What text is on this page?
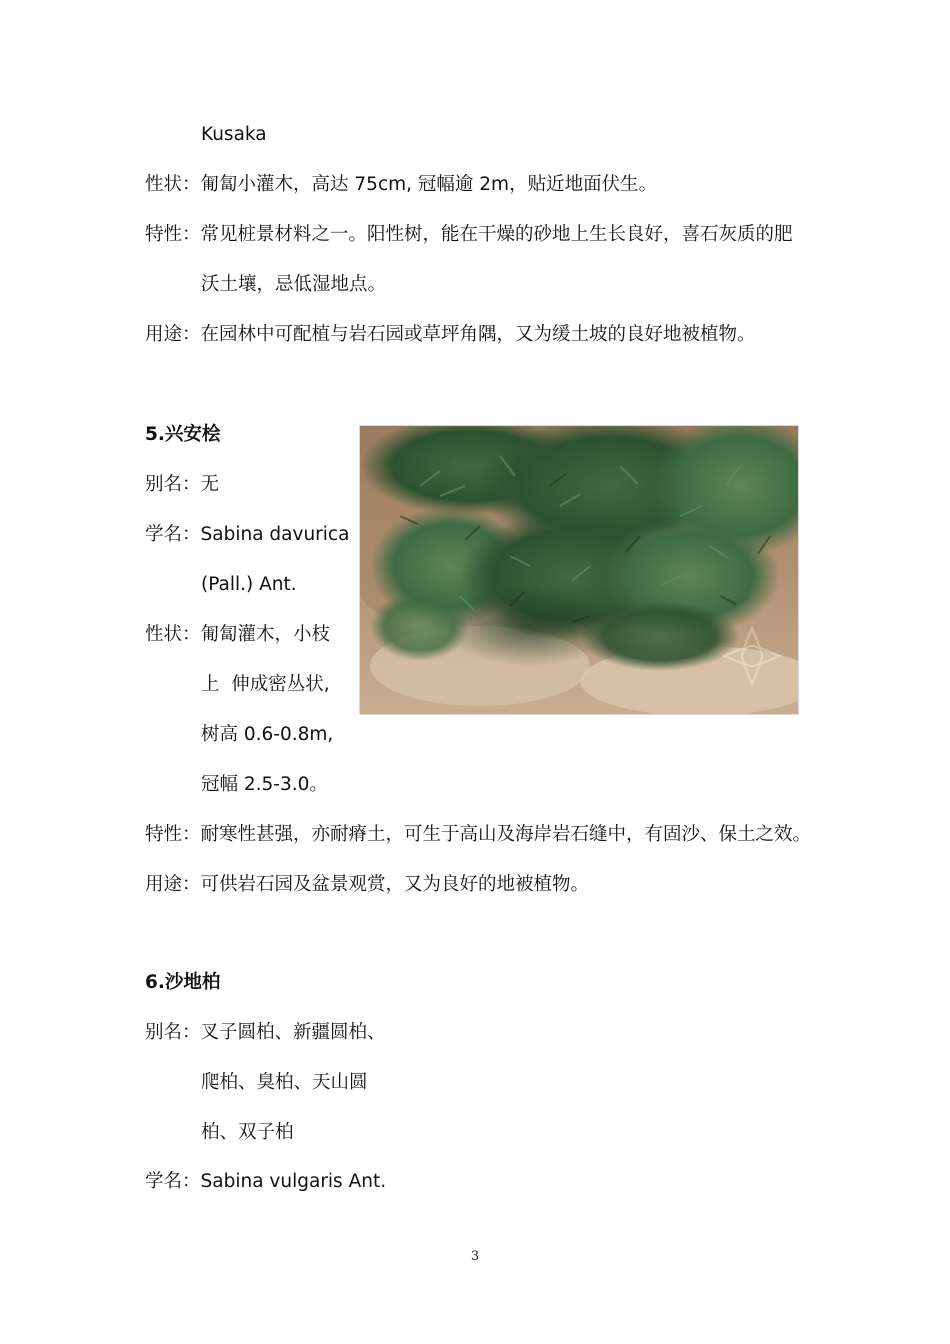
Kusaka
性状：匍匐小灌木，高达 75cm, 冠幅逾 2m，贴近地面伏生。
特性：常见桩景材料之一。阳性树，能在干燥的砂地上生长良好，喜石灰质的肥
沃土壤，忌低湿地点。
用途：在园林中可配植与岩石园或草坪角隅，又为缓土坡的良好地被植物。
5.兴安桧
别名：无
学名：Sabina davurica
(Pall.) Ant.
性状：匍匐灌木，小枝
上  伸成密丛状,
树高 0.6-0.8m,
冠幅 2.5-3.0。
特性：耐寒性甚强，亦耐瘠土，可生于高山及海岸岩石缝中，有固沙、保土之效。
用途：可供岩石园及盆景观赏，又为良好的地被植物。
6.沙地柏
别名：叉子圆柏、新疆圆柏、
爬柏、臭柏、天山圆
柏、双子柏
学名：Sabina vulgaris Ant.
3
